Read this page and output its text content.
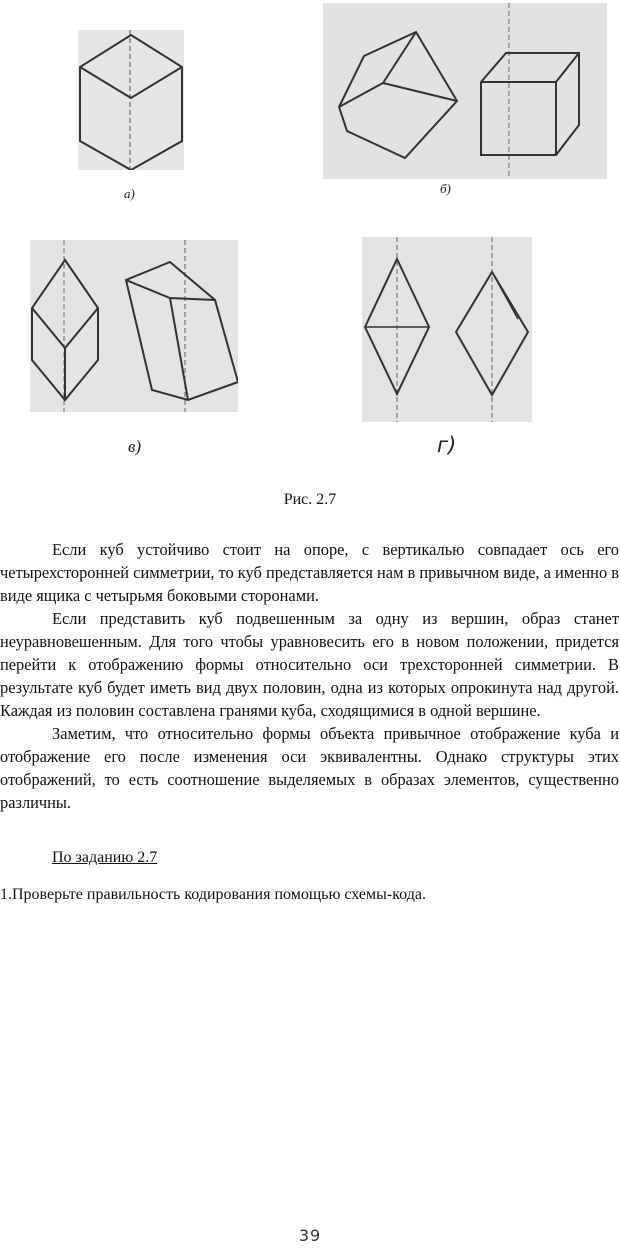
а)	б)
в)	г)
Рис. 2.7

Если куб устойчиво стоит на опоре, с вертикалью совпадает ось его четырехсторонней симметрии, то куб представляется нам в привычном виде, а именно в виде ящика с четырьмя боковыми сторонами.

Если представить куб подвешенным за одну из вершин, образ станет неуравновешенным. Для того чтобы уравновесить его в новом положении, придется перейти к отображению формы относительно оси трехсторонней симметрии. В результате куб будет иметь вид двух половин, одна из которых опрокинута над другой. Каждая из половин составлена гранями куба, сходящимися в одной вершине.

Заметим, что относительно формы объекта привычное отображение куба и отображение его после изменения оси эквивалентны. Однако структуры этих отображений, то есть соотношение выделяемых в образах элементов, существенно различны.

По заданию 2.7
1.Проверьте правильность кодирования помощью схемы-кода.
39
